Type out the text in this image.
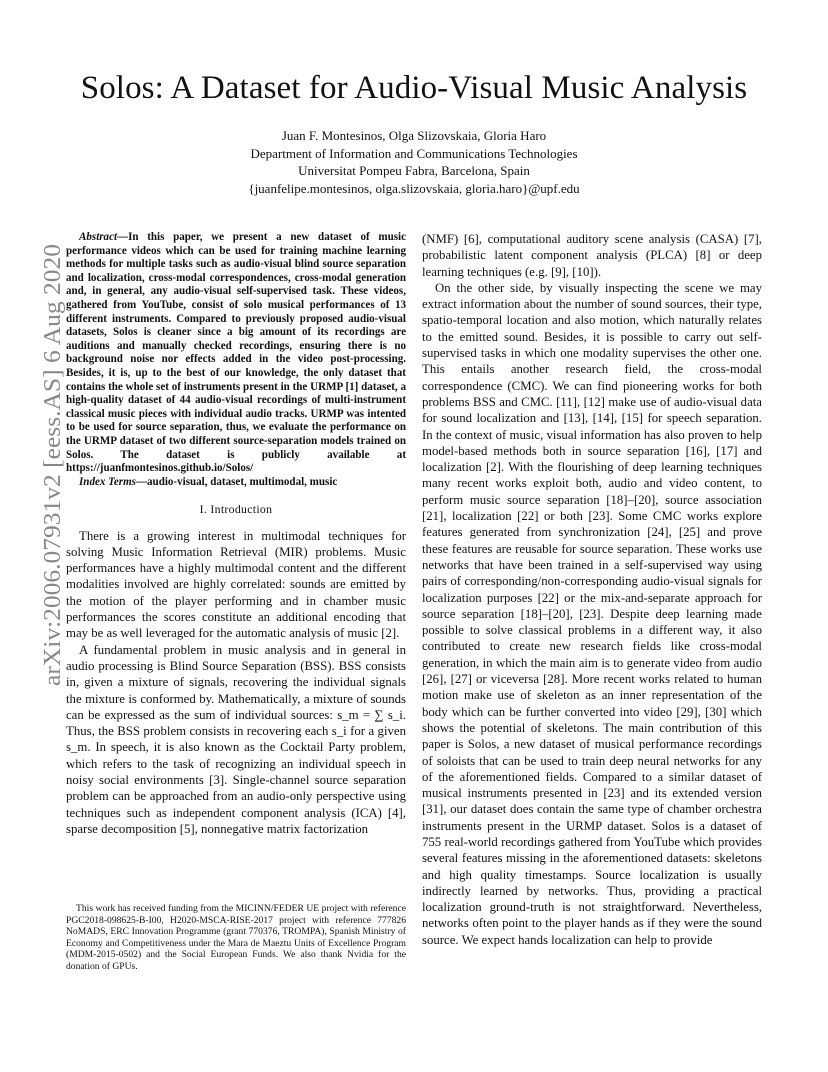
arXiv:2006.07931v2 [eess.AS] 6 Aug 2020
Solos: A Dataset for Audio-Visual Music Analysis
Juan F. Montesinos, Olga Slizovskaia, Gloria Haro
Department of Information and Communications Technologies
Universitat Pompeu Fabra, Barcelona, Spain
{juanfelipe.montesinos, olga.slizovskaia, gloria.haro}@upf.edu

Abstract—In this paper, we present a new dataset of music performance videos which can be used for training machine learning methods for multiple tasks such as audio-visual blind source separation and localization, cross-modal correspondences, cross-modal generation and, in general, any audio-visual self-supervised task. These videos, gathered from YouTube, consist of solo musical performances of 13 different instruments. Compared to previously proposed audio-visual datasets, Solos is cleaner since a big amount of its recordings are auditions and manually checked recordings, ensuring there is no background noise nor effects added in the video post-processing. Besides, it is, up to the best of our knowledge, the only dataset that contains the whole set of instruments present in the URMP [1] dataset, a high-quality dataset of 44 audio-visual recordings of multi-instrument classical music pieces with individual audio tracks. URMP was intented to be used for source separation, thus, we evaluate the performance on the URMP dataset of two different source-separation models trained on Solos. The dataset is publicly available at https://juanfmontesinos.github.io/Solos/

Index Terms—audio-visual, dataset, multimodal, music

I. Introduction

There is a growing interest in multimodal techniques for solving Music Information Retrieval (MIR) problems. Music performances have a highly multimodal content and the different modalities involved are highly correlated: sounds are emitted by the motion of the player performing and in chamber music performances the scores constitute an additional encoding that may be as well leveraged for the automatic analysis of music [2].

A fundamental problem in music analysis and in general in audio processing is Blind Source Separation (BSS). BSS consists in, given a mixture of signals, recovering the individual signals the mixture is conformed by. Mathematically, a mixture of sounds can be expressed as the sum of individual sources: s_m = ∑ s_i. Thus, the BSS problem consists in recovering each s_i for a given s_m. In speech, it is also known as the Cocktail Party problem, which refers to the task of recognizing an individual speech in noisy social environments [3]. Single-channel source separation problem can be approached from an audio-only perspective using techniques such as independent component analysis (ICA) [4], sparse decomposition [5], nonnegative matrix factorization

This work has received funding from the MICINN/FEDER UE project with reference PGC2018-098625-B-I00, H2020-MSCA-RISE-2017 project with reference 777826 NoMADS, ERC Innovation Programme (grant 770376, TROMPA), Spanish Ministry of Economy and Competitiveness under the Mara de Maeztu Units of Excellence Program (MDM-2015-0502) and the Social European Funds. We also thank Nvidia for the donation of GPUs.

(NMF) [6], computational auditory scene analysis (CASA) [7], probabilistic latent component analysis (PLCA) [8] or deep learning techniques (e.g. [9], [10]).

On the other side, by visually inspecting the scene we may extract information about the number of sound sources, their type, spatio-temporal location and also motion, which naturally relates to the emitted sound. Besides, it is possible to carry out self-supervised tasks in which one modality supervises the other one. This entails another research field, the cross-modal correspondence (CMC). We can find pioneering works for both problems BSS and CMC. [11], [12] make use of audio-visual data for sound localization and [13], [14], [15] for speech separation. In the context of music, visual information has also proven to help model-based methods both in source separation [16], [17] and localization [2]. With the flourishing of deep learning techniques many recent works exploit both, audio and video content, to perform music source separation [18]–[20], source association [21], localization [22] or both [23]. Some CMC works explore features generated from synchronization [24], [25] and prove these features are reusable for source separation. These works use networks that have been trained in a self-supervised way using pairs of corresponding/non-corresponding audio-visual signals for localization purposes [22] or the mix-and-separate approach for source separation [18]–[20], [23]. Despite deep learning made possible to solve classical problems in a different way, it also contributed to create new research fields like cross-modal generation, in which the main aim is to generate video from audio [26], [27] or viceversa [28]. More recent works related to human motion make use of skeleton as an inner representation of the body which can be further converted into video [29], [30] which shows the potential of skeletons. The main contribution of this paper is Solos, a new dataset of musical performance recordings of soloists that can be used to train deep neural networks for any of the aforementioned fields. Compared to a similar dataset of musical instruments presented in [23] and its extended version [31], our dataset does contain the same type of chamber orchestra instruments present in the URMP dataset. Solos is a dataset of 755 real-world recordings gathered from YouTube which provides several features missing in the aforementioned datasets: skeletons and high quality timestamps. Source localization is usually indirectly learned by networks. Thus, providing a practical localization ground-truth is not straightforward. Nevertheless, networks often point to the player hands as if they were the sound source. We expect hands localization can help to provide
